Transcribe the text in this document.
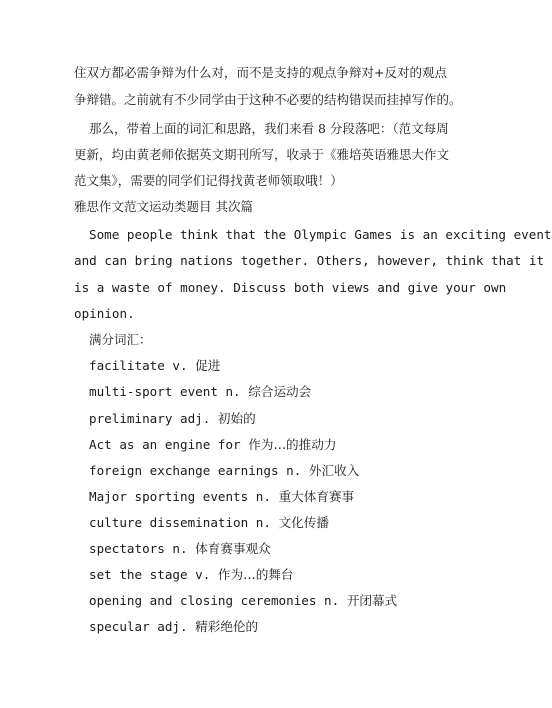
住双方都必需争辩为什么对，而不是支持的观点争辩对+反对的观点
争辩错。之前就有不少同学由于这种不必要的结构错误而挂掉写作的。
那么，带着上面的词汇和思路，我们来看 8 分段落吧：（范文每周
更新，均由黄老师依据英文期刊所写，收录于《雅培英语雅思大作文
范文集》，需要的同学们记得找黄老师领取哦！）
雅思作文范文运动类题目 其次篇
Some people think that the Olympic Games is an exciting event
and can bring nations together. Others, however, think that it
is a waste of money. Discuss both views and give your own
opinion.
满分词汇：
facilitate v. 促进
multi-sport event n. 综合运动会
preliminary adj. 初始的
Act as an engine for 作为…的推动力
foreign exchange earnings n. 外汇收入
Major sporting events n. 重大体育赛事
culture dissemination n. 文化传播
spectators n. 体育赛事观众
set the stage v. 作为…的舞台
opening and closing ceremonies n. 开闭幕式
specular adj. 精彩绝伦的
